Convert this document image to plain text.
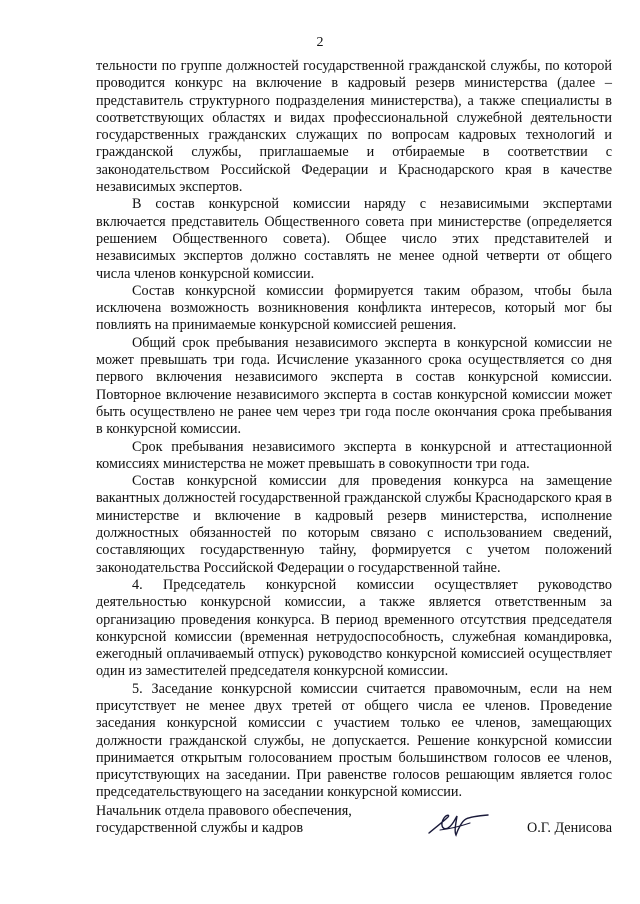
2

тельности по группе должностей государственной гражданской службы, по которой проводится конкурс на включение в кадровый резерв министерства (далее – представитель структурного подразделения министерства), а также специалисты в соответствующих областях и видах профессиональной служебной деятельности государственных гражданских служащих по вопросам кадровых технологий и гражданской службы, приглашаемые и отбираемые в соответствии с законодательством Российской Федерации и Краснодарского края в качестве независимых экспертов.

В состав конкурсной комиссии наряду с независимыми экспертами включается представитель Общественного совета при министерстве (определяется решением Общественного совета). Общее число этих представителей и независимых экспертов должно составлять не менее одной четверти от общего числа членов конкурсной комиссии.

Состав конкурсной комиссии формируется таким образом, чтобы была исключена возможность возникновения конфликта интересов, который мог бы повлиять на принимаемые конкурсной комиссией решения.

Общий срок пребывания независимого эксперта в конкурсной комиссии не может превышать три года. Исчисление указанного срока осуществляется со дня первого включения независимого эксперта в состав конкурсной комиссии. Повторное включение независимого эксперта в состав конкурсной комиссии может быть осуществлено не ранее чем через три года после окончания срока пребывания в конкурсной комиссии.

Срок пребывания независимого эксперта в конкурсной и аттестационной комиссиях министерства не может превышать в совокупности три года.

Состав конкурсной комиссии для проведения конкурса на замещение вакантных должностей государственной гражданской службы Краснодарского края в министерстве и включение в кадровый резерв министерства, исполнение должностных обязанностей по которым связано с использованием сведений, составляющих государственную тайну, формируется с учетом положений законодательства Российской Федерации о государственной тайне.

4. Председатель конкурсной комиссии осуществляет руководство деятельностью конкурсной комиссии, а также является ответственным за организацию проведения конкурса. В период временного отсутствия председателя конкурсной комиссии (временная нетрудоспособность, служебная командировка, ежегодный оплачиваемый отпуск) руководство конкурсной комиссией осуществляет один из заместителей председателя конкурсной комиссии.

5. Заседание конкурсной комиссии считается правомочным, если на нем присутствует не менее двух третей от общего числа ее членов. Проведение заседания конкурсной комиссии с участием только ее членов, замещающих должности гражданской службы, не допускается. Решение конкурсной комиссии принимается открытым голосованием простым большинством голосов ее членов, присутствующих на заседании. При равенстве голосов решающим является голос председательствующего на заседании конкурсной комиссии.

Начальник отдела правового обеспечения,
государственной службы и кадров	О.Г. Денисова
